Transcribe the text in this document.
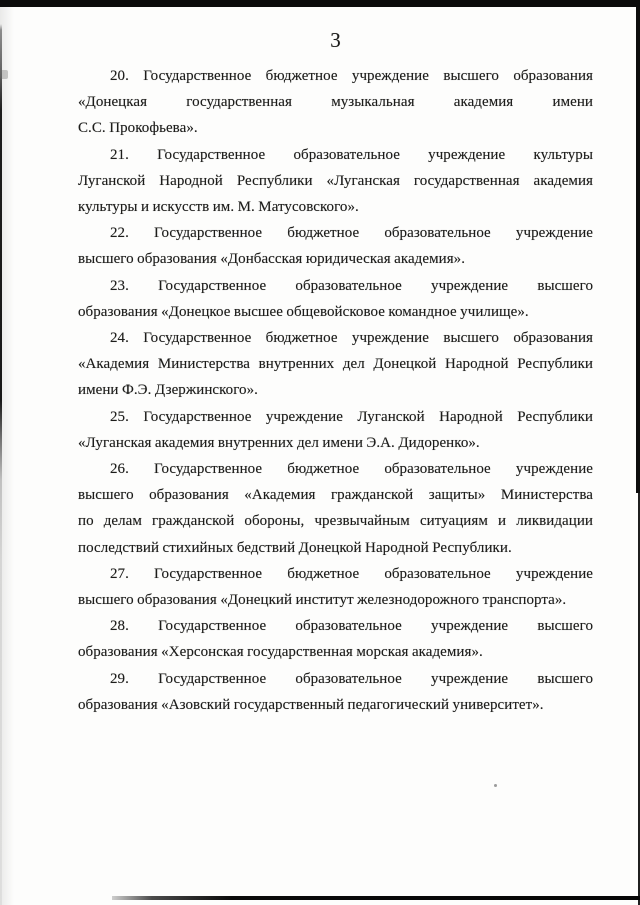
3
20. Государственное бюджетное учреждение высшего образования
«Донецкая государственная музыкальная академия имени
С.С. Прокофьева».
21. Государственное образовательное учреждение культуры
Луганской Народной Республики «Луганская государственная академия
культуры и искусств им. М. Матусовского».
22. Государственное бюджетное образовательное учреждение
высшего образования «Донбасская юридическая академия».
23. Государственное образовательное учреждение высшего
образования «Донецкое высшее общевойсковое командное училище».
24. Государственное бюджетное учреждение высшего образования
«Академия Министерства внутренних дел Донецкой Народной Республики
имени Ф.Э. Дзержинского».
25. Государственное учреждение Луганской Народной Республики
«Луганская академия внутренних дел имени Э.А. Дидоренко».
26. Государственное бюджетное образовательное учреждение
высшего образования «Академия гражданской защиты» Министерства
по делам гражданской обороны, чрезвычайным ситуациям и ликвидации
последствий стихийных бедствий Донецкой Народной Республики.
27. Государственное бюджетное образовательное учреждение
высшего образования «Донецкий институт железнодорожного транспорта».
28. Государственное образовательное учреждение высшего
образования «Херсонская государственная морская академия».
29. Государственное образовательное учреждение высшего
образования «Азовский государственный педагогический университет».
